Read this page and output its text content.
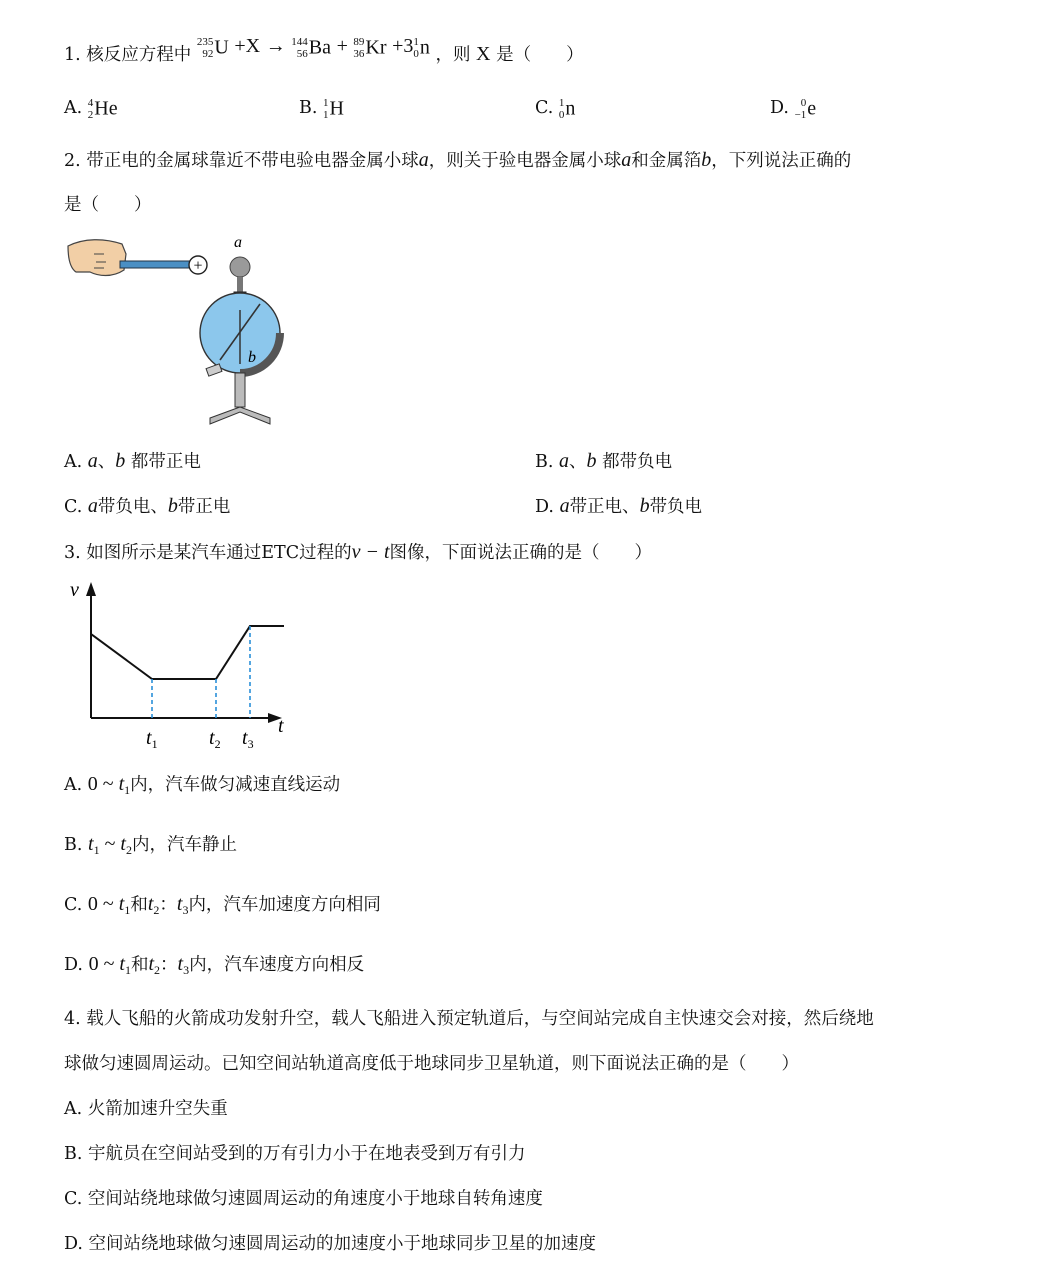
1. 核反应方程中
235
92 U +X → 144
56 Ba + 89
36 Kr +3 1
0 n ，则 X 是（　　）
A. 4
2 He	B. 1
1 H	C. 1
0 n	D. 0
−1 e
2. 带正电的金属球靠近不带电验电器金属小球a，则关于验电器金属小球a和金属箔b，下列说法正确的
是（　　）
+
a
b
A. a、b 都带正电	B. a、b 都带负电
C. a带负电、b带正电	D. a带正电、b带负电
3. 如图所示是某汽车通过ETC过程的v − t图像，下面说法正确的是（　　）
v
t
$t_1$	$t_2$ $t_3$
A. 0 ~ $t_1$内，汽车做匀减速直线运动
B. $t_1$ ~ $t_2$内，汽车静止
C. 0 ~ $t_1$和$t_2$：$t_3$内，汽车加速度方向相同
D. 0 ~ $t_1$和$t_2$：$t_3$内，汽车速度方向相反
4. 载人飞船的火箭成功发射升空，载人飞船进入预定轨道后，与空间站完成自主快速交会对接，然后绕地
球做匀速圆周运动。已知空间站轨道高度低于地球同步卫星轨道，则下面说法正确的是（　　）
A. 火箭加速升空失重
B. 宇航员在空间站受到的万有引力小于在地表受到万有引力
C. 空间站绕地球做匀速圆周运动的角速度小于地球自转角速度
D. 空间站绕地球做匀速圆周运动的加速度小于地球同步卫星的加速度
